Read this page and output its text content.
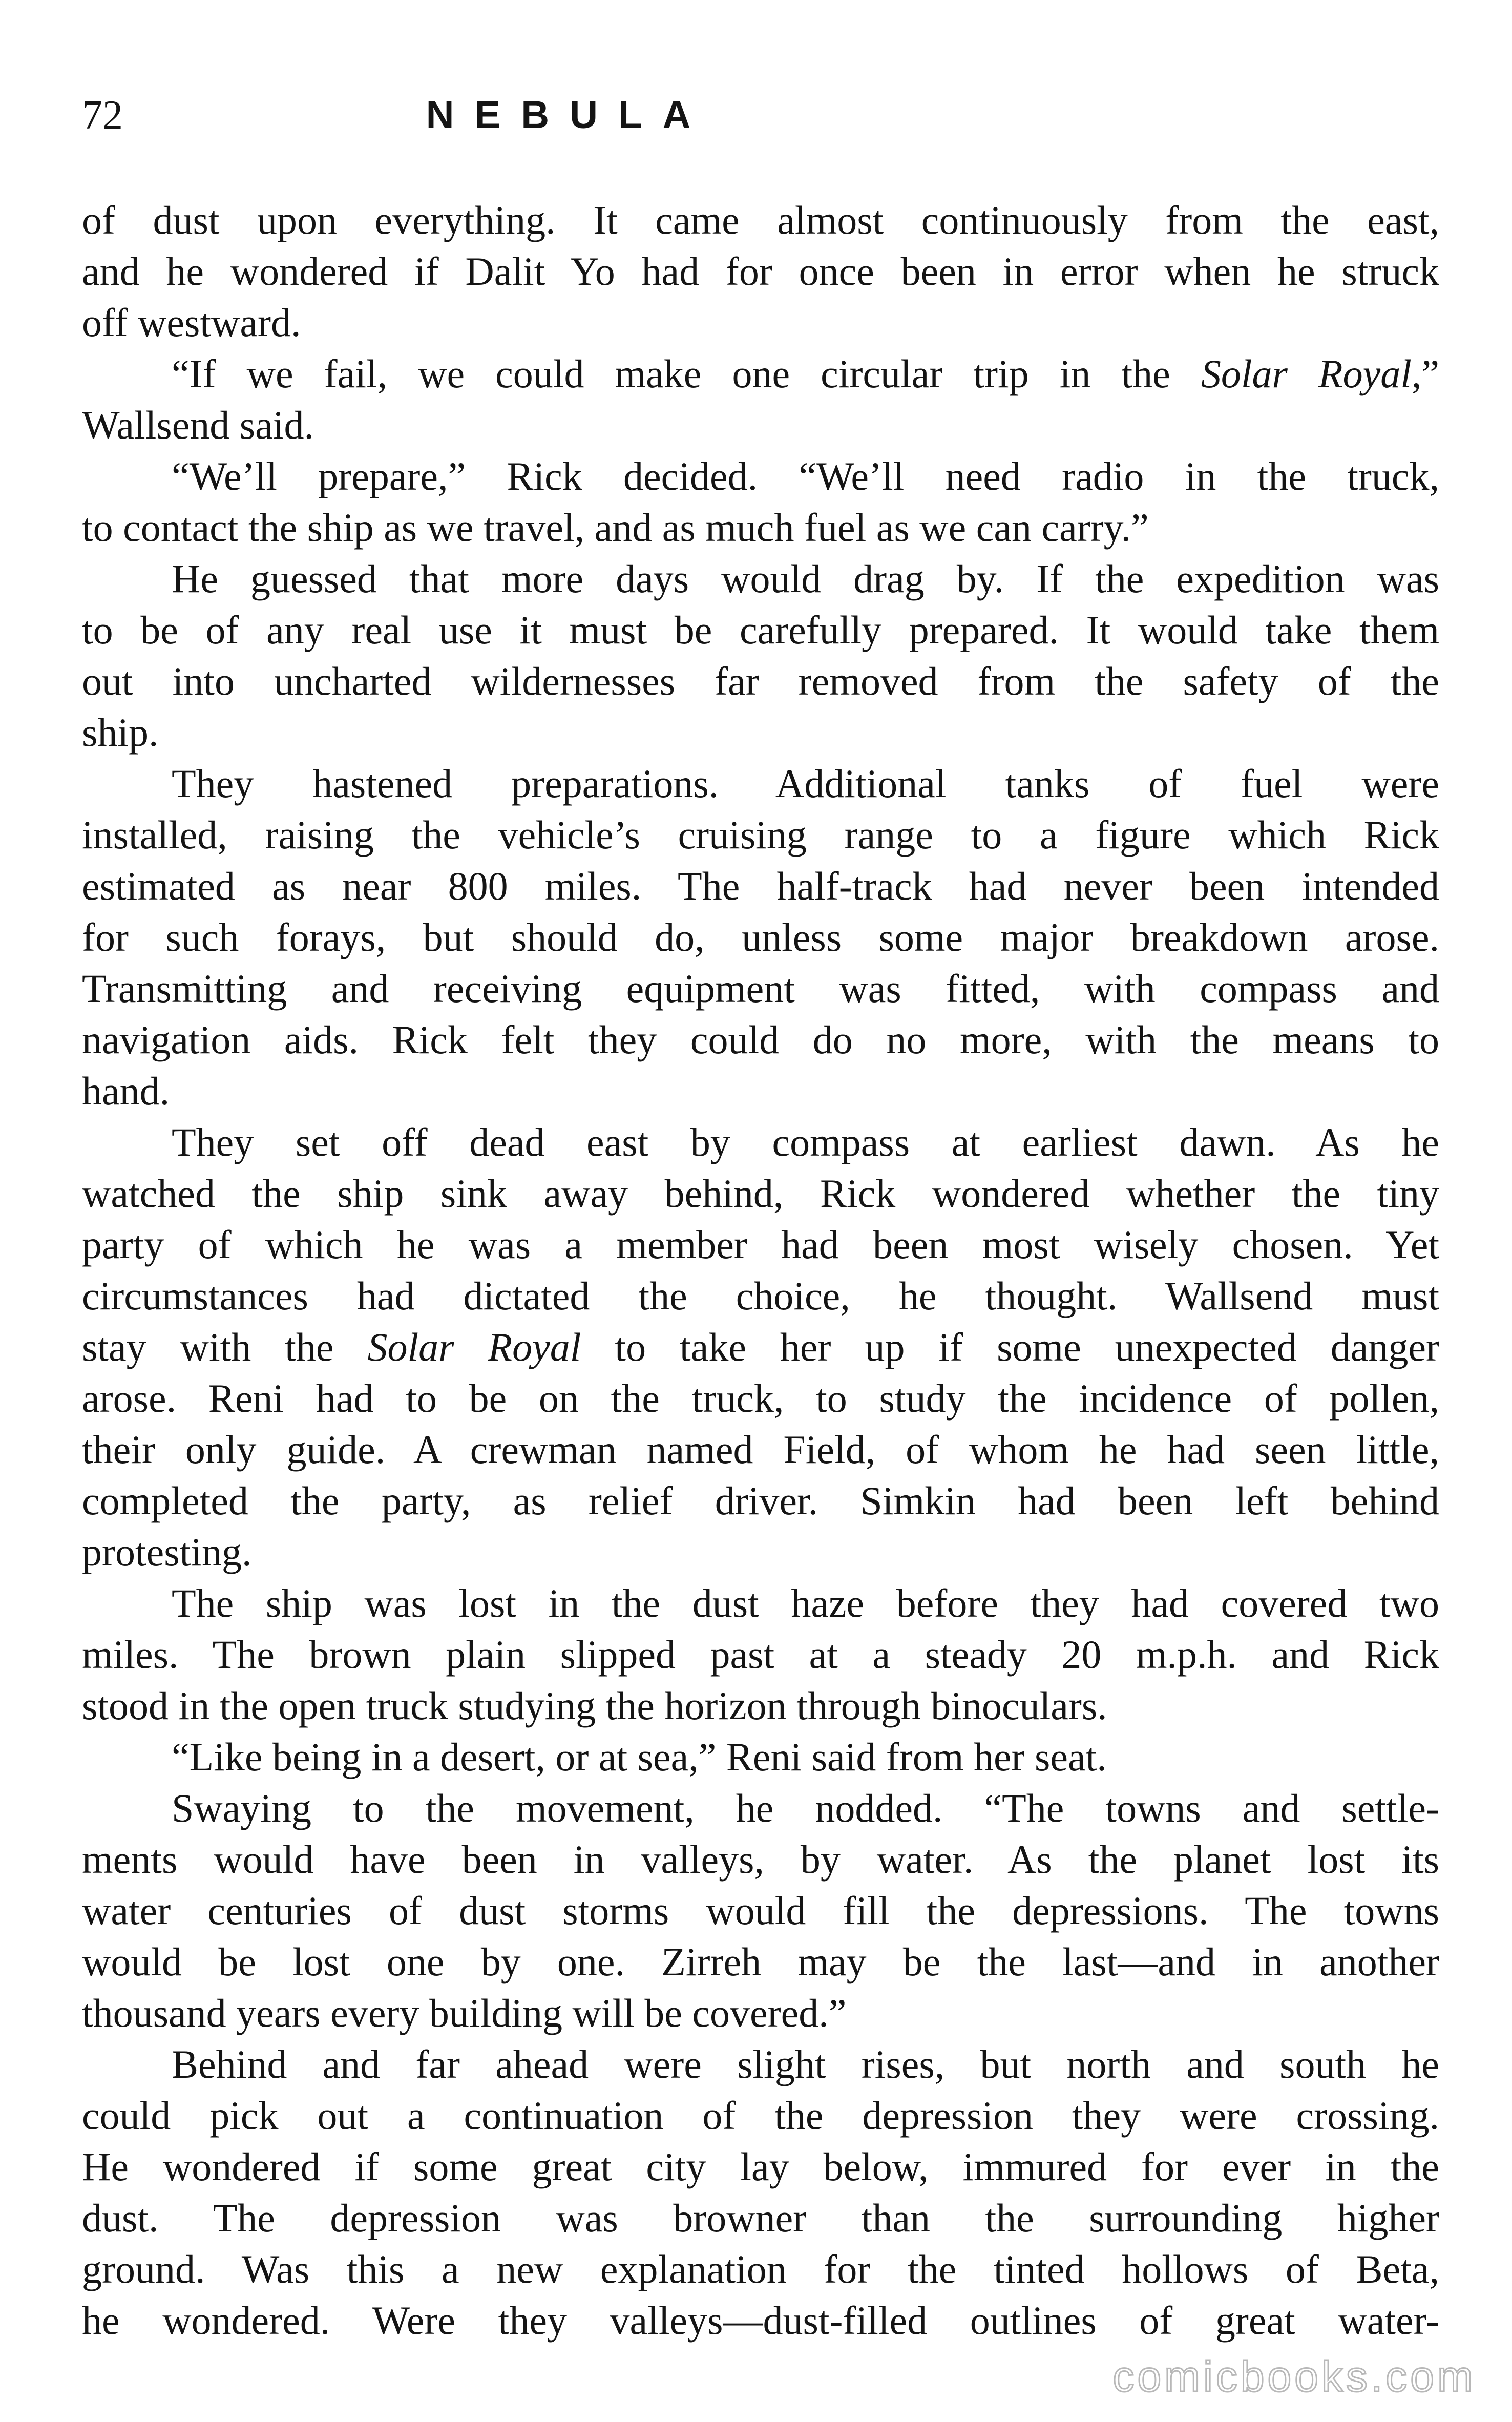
72	NEBULA
of dust upon everything. It came almost continuously from the east,
and he wondered if Dalit Yo had for once been in error when he struck
off westward.
“If we fail, we could make one circular trip in the Solar Royal,”
Wallsend said.
“We’ll prepare,” Rick decided. “We’ll need radio in the truck,
to contact the ship as we travel, and as much fuel as we can carry.”
He guessed that more days would drag by. If the expedition was
to be of any real use it must be carefully prepared. It would take them
out into uncharted wildernesses far removed from the safety of the
ship.
They hastened preparations. Additional tanks of fuel were
installed, raising the vehicle’s cruising range to a figure which Rick
estimated as near 800 miles. The half-track had never been intended
for such forays, but should do, unless some major breakdown arose.
Transmitting and receiving equipment was fitted, with compass and
navigation aids. Rick felt they could do no more, with the means to
hand.
They set off dead east by compass at earliest dawn. As he
watched the ship sink away behind, Rick wondered whether the tiny
party of which he was a member had been most wisely chosen. Yet
circumstances had dictated the choice, he thought. Wallsend must
stay with the Solar Royal to take her up if some unexpected danger
arose. Reni had to be on the truck, to study the incidence of pollen,
their only guide. A crewman named Field, of whom he had seen little,
completed the party, as relief driver. Simkin had been left behind
protesting.
The ship was lost in the dust haze before they had covered two
miles. The brown plain slipped past at a steady 20 m.p.h. and Rick
stood in the open truck studying the horizon through binoculars.
“Like being in a desert, or at sea,” Reni said from her seat.
Swaying to the movement, he nodded. “The towns and settle-
ments would have been in valleys, by water. As the planet lost its
water centuries of dust storms would fill the depressions. The towns
would be lost one by one. Zirreh may be the last—and in another
thousand years every building will be covered.”
Behind and far ahead were slight rises, but north and south he
could pick out a continuation of the depression they were crossing.
He wondered if some great city lay below, immured for ever in the
dust. The depression was browner than the surrounding higher
ground. Was this a new explanation for the tinted hollows of Beta,
he wondered. Were they valleys—dust-filled outlines of great water-
comicbooks.com
